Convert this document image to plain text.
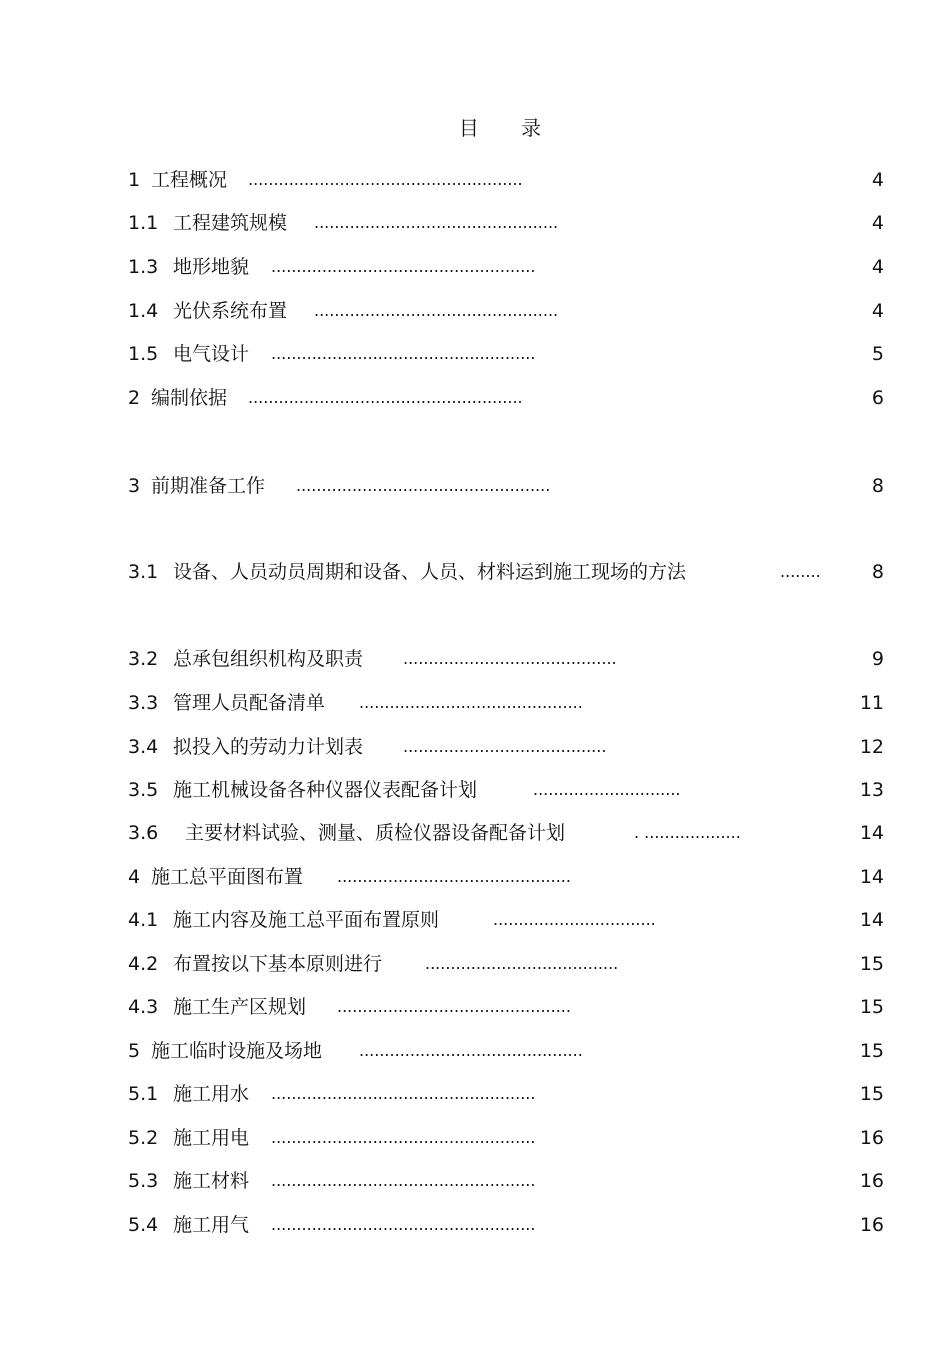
目 录
1 工程概况 ......................................................	4
1.1 工程建筑规模 ................................................	4
1.3 地形地貌 ....................................................	4
1.4 光伏系统布置 ................................................	4
1.5 电气设计 ....................................................	5
2 编制依据 ......................................................	6
3 前期准备工作 ..................................................	8
3.1 设备、人员动员周期和设备、人员、材料运到施工现场的方法	........	8
3.2 总承包组织机构及职责 ..........................................	9
3.3 管理人员配备清单 ............................................	11
3.4 拟投入的劳动力计划表 ........................................	12
3.5 施工机械设备各种仪器仪表配备计划	.............................	13
3.6 主要材料试验、测量、质检仪器设备配备计划	. ...................	14
4 施工总平面图布置 ..............................................	14
4.1 施工内容及施工总平面布置原则	................................	14
4.2 布置按以下基本原则进行	......................................	15
4.3 施工生产区规划 ..............................................	15
5 施工临时设施及场地 ............................................	15
5.1 施工用水 ....................................................	15
5.2 施工用电 ....................................................	16
5.3 施工材料 ....................................................	16
5.4 施工用气 ....................................................	16
